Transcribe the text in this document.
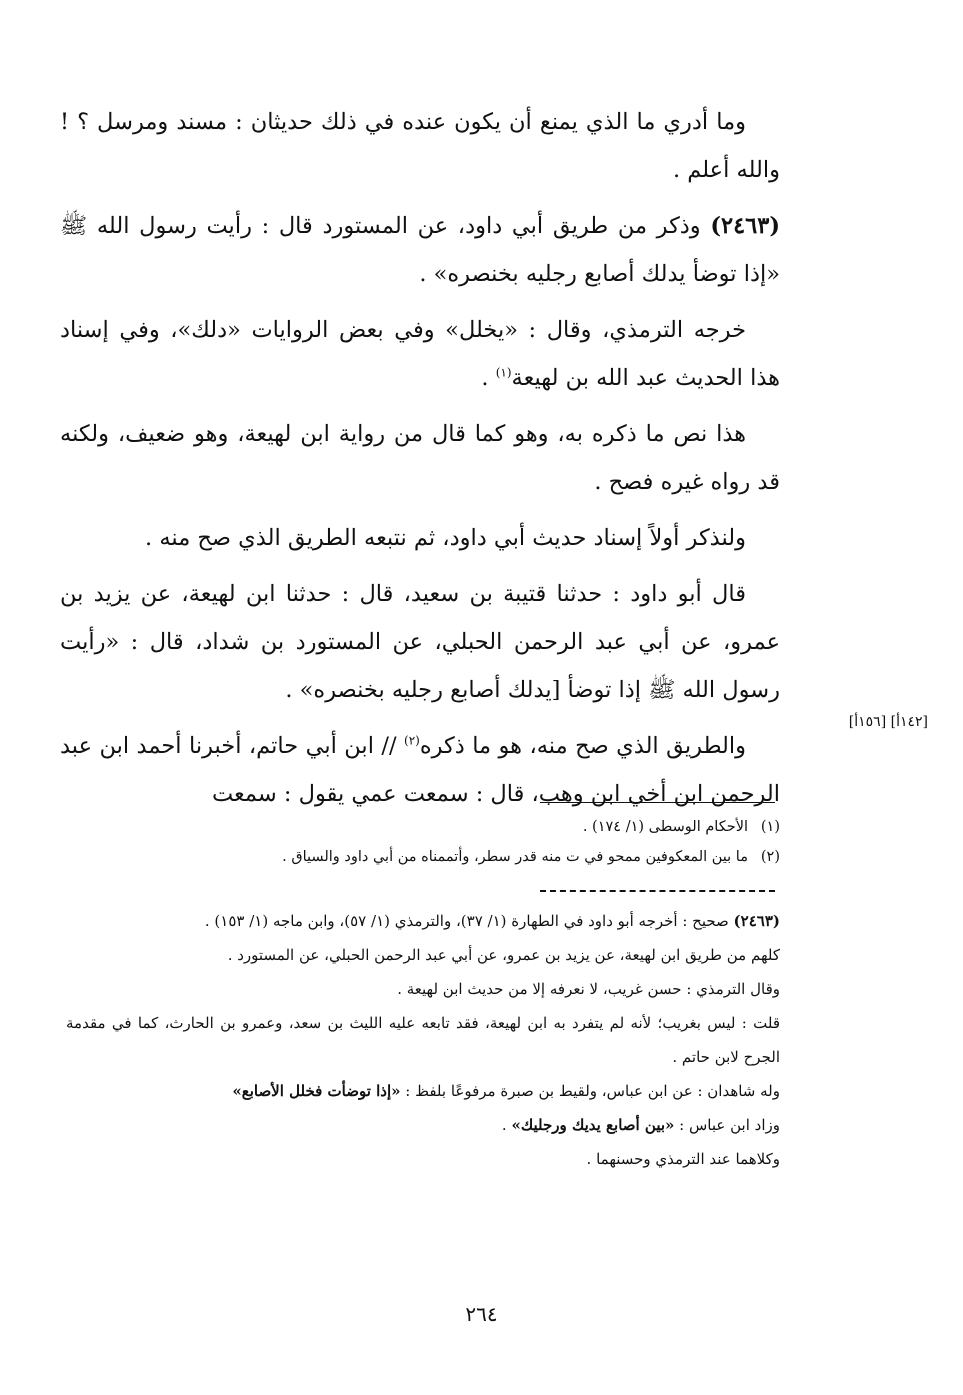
وما أدري ما الذي يمنع أن يكون عنده في ذلك حديثان : مسند ومرسل ؟ ! والله أعلم .

(٢٤٦٣) وذكر من طريق أبي داود، عن المستورد قال : رأيت رسول الله ﷺ «إذا توضأ يدلك أصابع رجليه بخنصره» .

خرجه الترمذي، وقال : «يخلل» وفي بعض الروايات «دلك»، وفي إسناد هذا الحديث عبد الله بن لهيعة$^{(١)}$ .

هذا نص ما ذكره به، وهو كما قال من رواية ابن لهيعة، وهو ضعيف، ولكنه قد رواه غيره فصح .

ولنذكر أولاً إسناد حديث أبي داود، ثم نتبعه الطريق الذي صح منه .

قال أبو داود : حدثنا قتيبة بن سعيد، قال : حدثنا ابن لهيعة، عن يزيد بن عمرو، عن أبي عبد الرحمن الحبلي، عن المستورد بن شداد، قال : «رأيت رسول الله ﷺ إذا توضأ [يدلك أصابع رجليه بخنصره» .

والطريق الذي صح منه، هو ما ذكره$^{(٢)}$ // ابن أبي حاتم، أخبرنا أحمد ابن عبد الرحمن ابن أخي ابن وهب، قال : سمعت عمي يقول : سمعت

[١٤٢أ] [١٥٦أ]

(١)الأحكام الوسطى (١/ ١٧٤) .

(٢)ما بين المعكوفين ممحو في ت منه قدر سطر، وأتممناه من أبي داود والسياق .

(٢٤٦٣) صحيح : أخرجه أبو داود في الطهارة (١/ ٣٧)، والترمذي (١/ ٥٧)، وابن ماجه (١/ ١٥٣) .

كلهم من طريق ابن لهيعة، عن يزيد بن عمرو، عن أبي عبد الرحمن الحبلي، عن المستورد .

وقال الترمذي : حسن غريب، لا نعرفه إلا من حديث ابن لهيعة .

قلت : ليس بغريب؛ لأنه لم يتفرد به ابن لهيعة، فقد تابعه عليه الليث بن سعد، وعمرو بن الحارث، كما في مقدمة الجرح لابن حاتم .

وله شاهدان : عن ابن عباس، ولقيط بن صبرة مرفوعًا بلفظ : «إذا توضأت فخلل الأصابع»

وزاد ابن عباس : «بين أصابع يديك ورجليك» .

وكلاهما عند الترمذي وحسنهما .

٢٦٤
